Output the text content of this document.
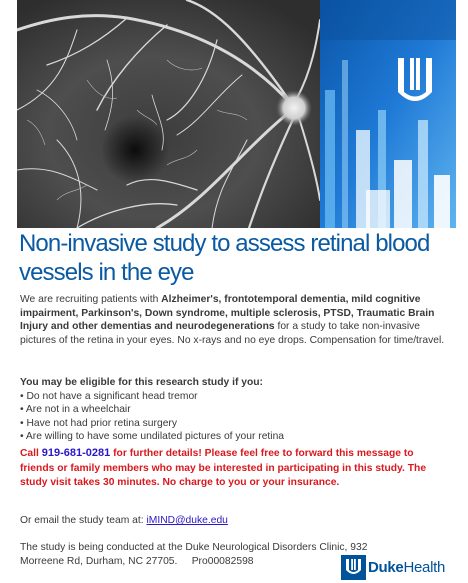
Non-invasive study to assess retinal blood vessels in the eye
We are recruiting patients with Alzheimer's, frontotemporal dementia, mild cognitive impairment, Parkinson's, Down syndrome, multiple sclerosis, PTSD, Traumatic Brain Injury and other dementias and neurodegenerations for a study to take non-invasive pictures of the retina in your eyes. No x-rays and no eye drops. Compensation for time/travel.
You may be eligible for this research study if you:
• Do not have a significant head tremor
• Are not in a wheelchair
• Have not had prior retina surgery
• Are willing to have some undilated pictures of your retina
Call 919-681-0281 for further details! Please feel free to forward this message to friends or family members who may be interested in participating in this study. The study visit takes 30 minutes. No charge to you or your insurance.
Or email the study team at: iMIND@duke.edu
The study is being conducted at the Duke Neurological Disorders Clinic, 932 Morreene Rd, Durham, NC 27705.     Pro00082598	DukeHealth
